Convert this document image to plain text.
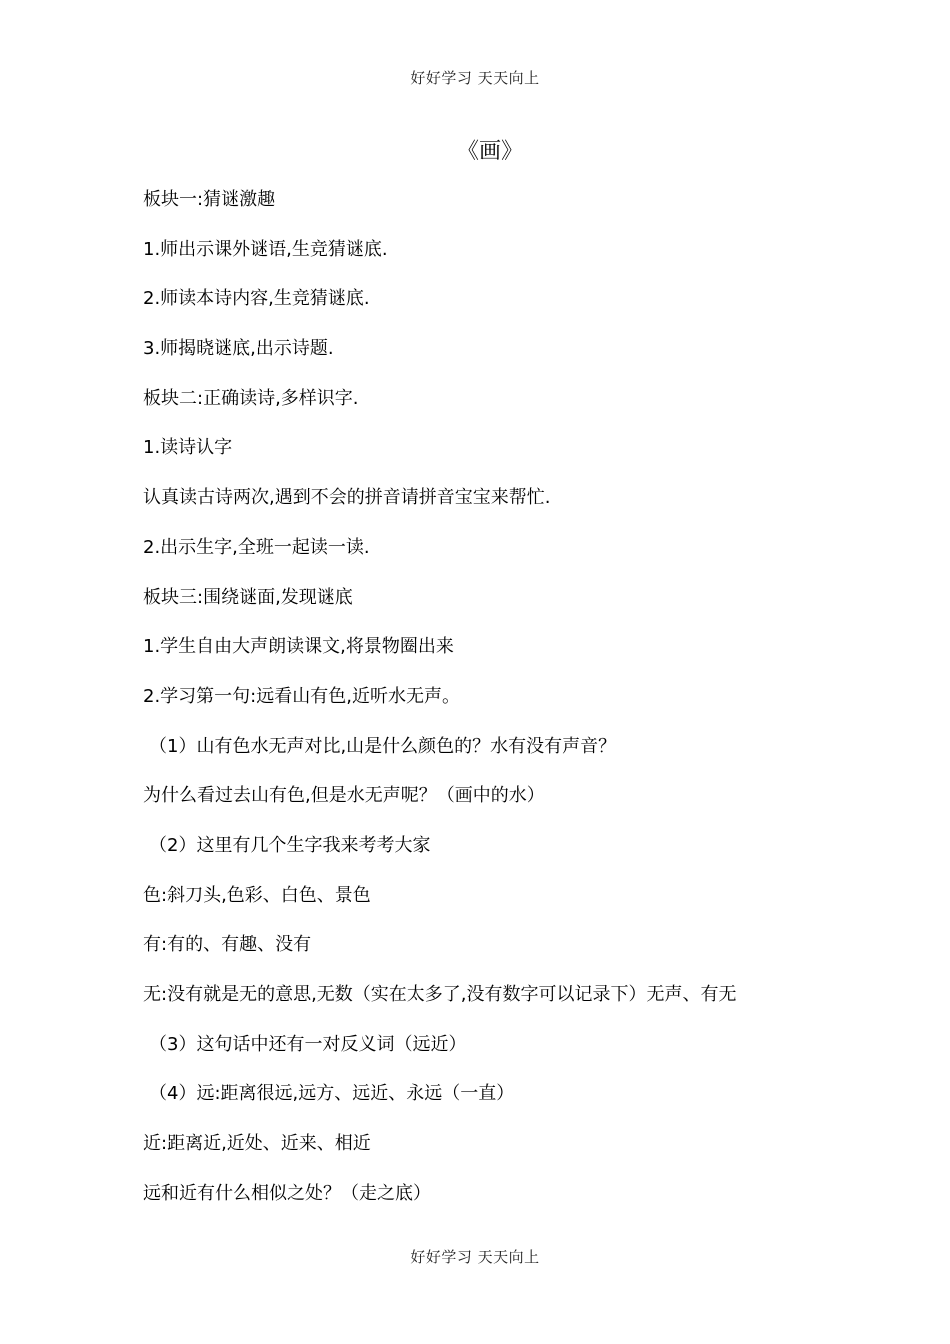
好好学习 天天向上
《画》
板块一:猜谜激趣
1.师出示课外谜语,生竞猜谜底.
2.师读本诗内容,生竞猜谜底.
3.师揭晓谜底,出示诗题.
板块二:正确读诗,多样识字.
1.读诗认字
认真读古诗两次,遇到不会的拼音请拼音宝宝来帮忙.
2.出示生字,全班一起读一读.
板块三:围绕谜面,发现谜底
1.学生自由大声朗读课文,将景物圈出来
2.学习第一句:远看山有色,近听水无声。
（1）山有色水无声对比,山是什么颜色的？水有没有声音？
为什么看过去山有色,但是水无声呢？（画中的水）
（2）这里有几个生字我来考考大家
色:斜刀头,色彩、白色、景色
有:有的、有趣、没有
无:没有就是无的意思,无数（实在太多了,没有数字可以记录下）无声、有无
（3）这句话中还有一对反义词（远近）
（4）远:距离很远,远方、远近、永远（一直）
近:距离近,近处、近来、相近
远和近有什么相似之处？（走之底）
好好学习 天天向上
